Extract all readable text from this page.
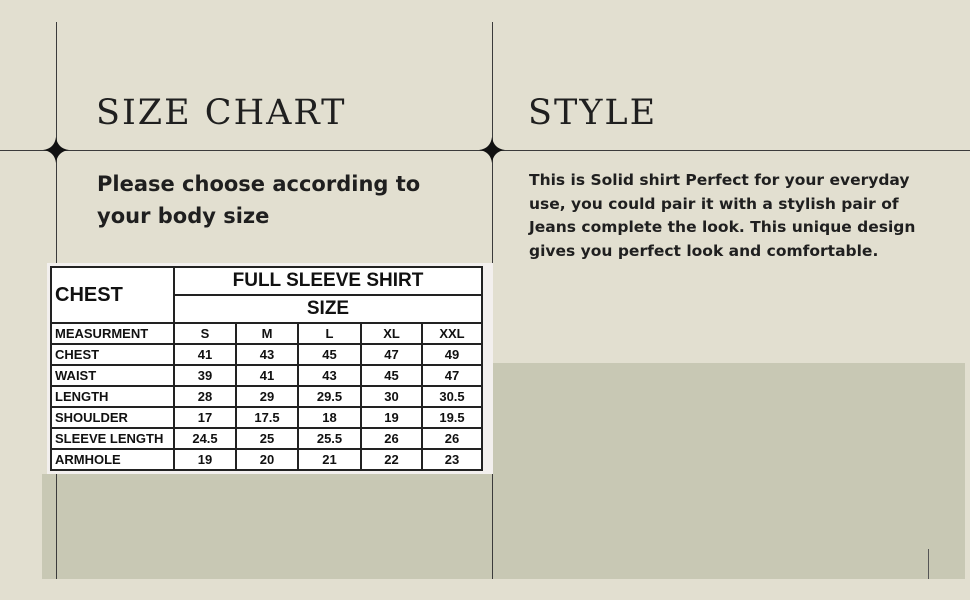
SIZE CHART
Please choose according to your body size
STYLE
This is Solid shirt Perfect for your everyday use, you could pair it with a stylish pair of Jeans complete the look. This unique design gives you perfect look and comfortable.
CHEST	FULL SLEEVE SHIRT				
	SIZE				
MEASURMENT	S	M	L	XL	XXL
CHEST	41	43	45	47	49
WAIST	39	41	43	45	47
LENGTH	28	29	29.5	30	30.5
SHOULDER	17	17.5	18	19	19.5
SLEEVE LENGTH	24.5	25	25.5	26	26
ARMHOLE	19	20	21	22	23
